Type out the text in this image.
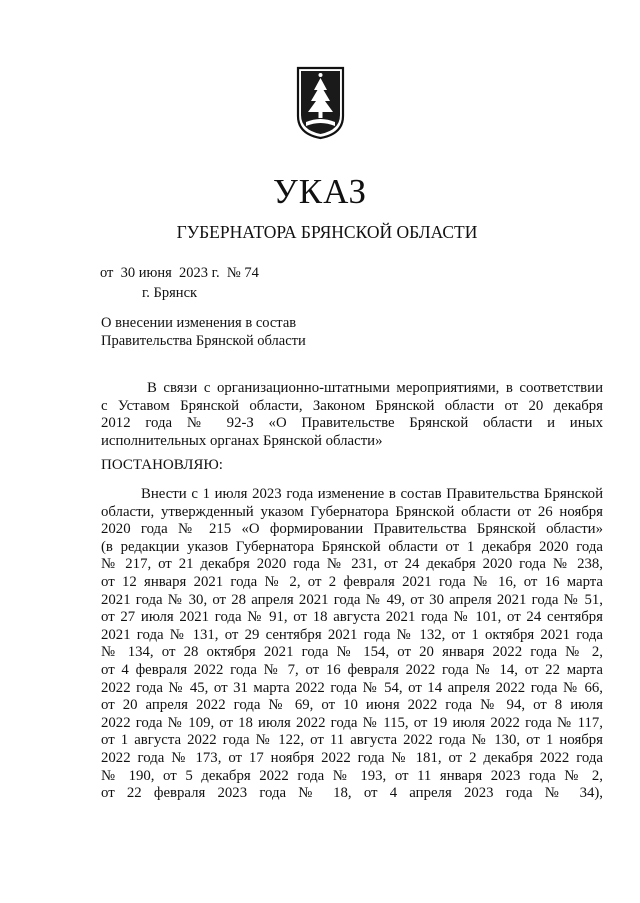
УКАЗ
ГУБЕРНАТОРА БРЯНСКОЙ ОБЛАСТИ
от  30 июня  2023 г.  № 74
г. Брянск
О внесении изменения в состав
Правительства Брянской области
В связи с организационно-штатными мероприятиями, в соответствии
с Уставом Брянской области, Законом Брянской области от 20 декабря
2012 года № 92-З «О Правительстве Брянской области и иных
исполнительных органах Брянской области»
ПОСТАНОВЛЯЮ:
Внести с 1 июля 2023 года изменение в состав Правительства Брянской
области, утвержденный указом Губернатора Брянской области от 26 ноября
2020 года № 215 «О формировании Правительства Брянской области»
(в редакции указов Губернатора Брянской области от 1 декабря 2020 года
№ 217, от 21 декабря 2020 года № 231, от 24 декабря 2020 года № 238,
от 12 января 2021 года № 2, от 2 февраля 2021 года № 16, от 16 марта
2021 года № 30, от 28 апреля 2021 года № 49, от 30 апреля 2021 года № 51,
от 27 июля 2021 года № 91, от 18 августа 2021 года № 101, от 24 сентября
2021 года № 131, от 29 сентября 2021 года № 132, от 1 октября 2021 года
№ 134, от 28 октября 2021 года № 154, от 20 января 2022 года № 2,
от 4 февраля 2022 года № 7, от 16 февраля 2022 года № 14, от 22 марта
2022 года № 45, от 31 марта 2022 года № 54, от 14 апреля 2022 года № 66,
от 20 апреля 2022 года № 69, от 10 июня 2022 года № 94, от 8 июля
2022 года № 109, от 18 июля 2022 года № 115, от 19 июля 2022 года № 117,
от 1 августа 2022 года № 122, от 11 августа 2022 года № 130, от 1 ноября
2022 года № 173, от 17 ноября 2022 года № 181, от 2 декабря 2022 года
№ 190, от 5 декабря 2022 года № 193, от 11 января 2023 года № 2,
от 22 февраля 2023 года № 18, от 4 апреля 2023 года № 34),
